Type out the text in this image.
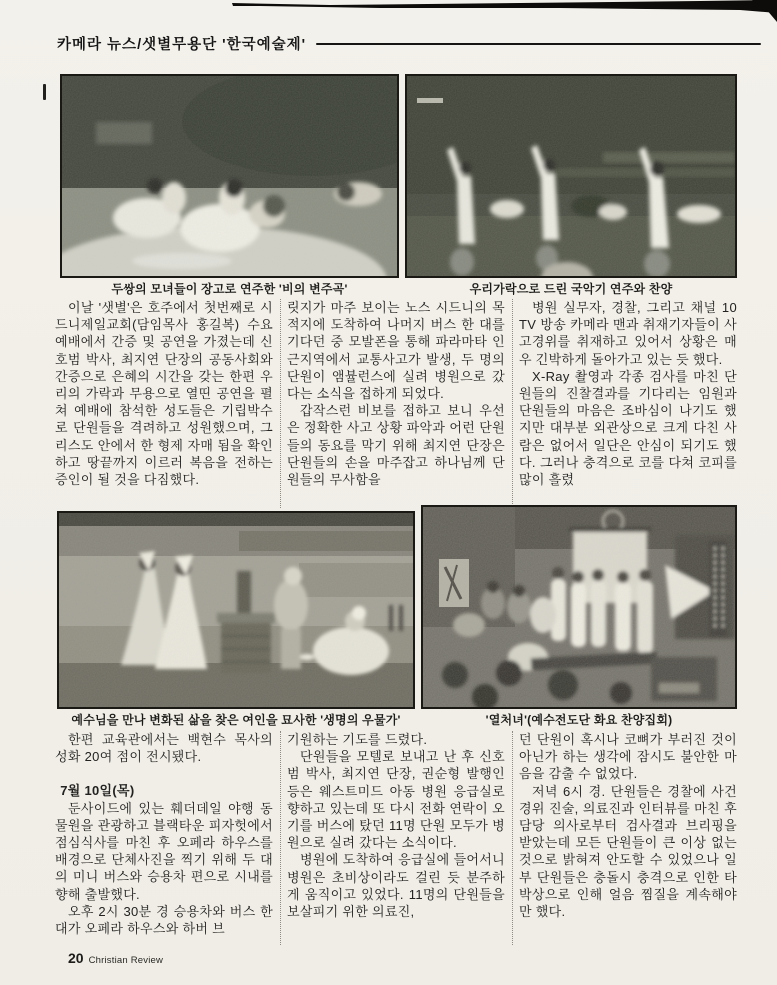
카메라 뉴스/샛별무용단 '한국예술제'
두쌍의 모녀들이 장고로 연주한 '비의 변주곡'	우리가락으로 드린 국악기 연주와 찬양

이날 '샛별'은 호주에서 첫번째로 시드니제일교회(담임목사 홍길복) 수요예배에서 간증 및 공연을 가졌는데 신호범 박사, 최지연 단장의 공동사회와 간증으로 은혜의 시간을 갖는 한편 우리의 가락과 무용으로 열띤 공연을 펼쳐 예배에 참석한 성도들은 기립박수로 단원들을 격려하고 성원했으며, 그리스도 안에서 한 형제 자매 됨을 확인하고 땅끝까지 이르러 복음을 전하는 증인이 될 것을 다짐했다.

릿지가 마주 보이는 노스 시드니의 목적지에 도착하여 나머지 버스 한 대를 기다던 중 모발폰을 통해 파라마타 인근지역에서 교통사고가 발생, 두 명의 단원이 앰뷸런스에 실려 병원으로 갔다는 소식을 접하게 되었다.

갑작스런 비보를 접하고 보니 우선은 정확한 사고 상황 파악과 어런 단원들의 동요를 막기 위해 최지연 단장은 단원들의 손을 마주잡고 하나님께 단원들의 무사함을

병원 실무자, 경찰, 그리고 채널 10 TV 방송 카메라 맨과 취재기자들이 사고경위를 취재하고 있어서 상황은 매우 긴박하게 돌아가고 있는 듯 했다.

X-Ray 촬영과 각종 검사를 마친 단원들의 진찰결과를 기다리는 임원과 단원들의 마음은 조바심이 나기도 했지만 대부분 외관상으로 크게 다친 사람은 없어서 일단은 안심이 되기도 했다. 그러나 충격으로 코를 다쳐 코피를 많이 흘렸

예수님을 만나 변화된 삶을 찾은 여인을 묘사한 '생명의 우물가'	'열처녀'(예수전도단 화요 찬양집회)

한편 교육관에서는 백현수 목사의 성화 20여 점이 전시됐다.

7월 10일(목)

둔사이드에 있는 훼더데일 야행 동물원을 관광하고 블랙타운 피자헛에서 점심식사를 마친 후 오페라 하우스를 배경으로 단체사진을 찍기 위해 두 대의 미니 버스와 승용차 편으로 시내를 향해 출발했다.

오후 2시 30분 경 승용차와 버스 한 대가 오페라 하우스와 하버 브

기원하는 기도를 드렸다.

단원들을 모텔로 보내고 난 후 신호범 박사, 최지연 단장, 권순형 발행인 등은 웨스트미드 아동 병원 응급실로 향하고 있는데 또 다시 전화 연락이 오기를 버스에 탔던 11명 단원 모두가 병원으로 실려 갔다는 소식이다.

병원에 도착하여 응급실에 들어서니 병원은 초비상이라도 걸린 듯 분주하게 움직이고 있었다. 11명의 단원들을 보살피기 위한 의료진,

던 단원이 혹시나 코뼈가 부러진 것이 아닌가 하는 생각에 잠시도 불안한 마음을 감출 수 없었다.

저녁 6시 경. 단원들은 경찰에 사건 경위 진술, 의료진과 인터뷰를 마친 후 담당 의사로부터 검사결과 브리핑을 받았는데 모든 단원들이 큰 이상 없는 것으로 밝혀져 안도할 수 있었으나 일부 단원들은 충돌시 충격으로 인한 타박상으로 인해 얼음 찜질을 계속해야만 했다.

20 Christian Review
